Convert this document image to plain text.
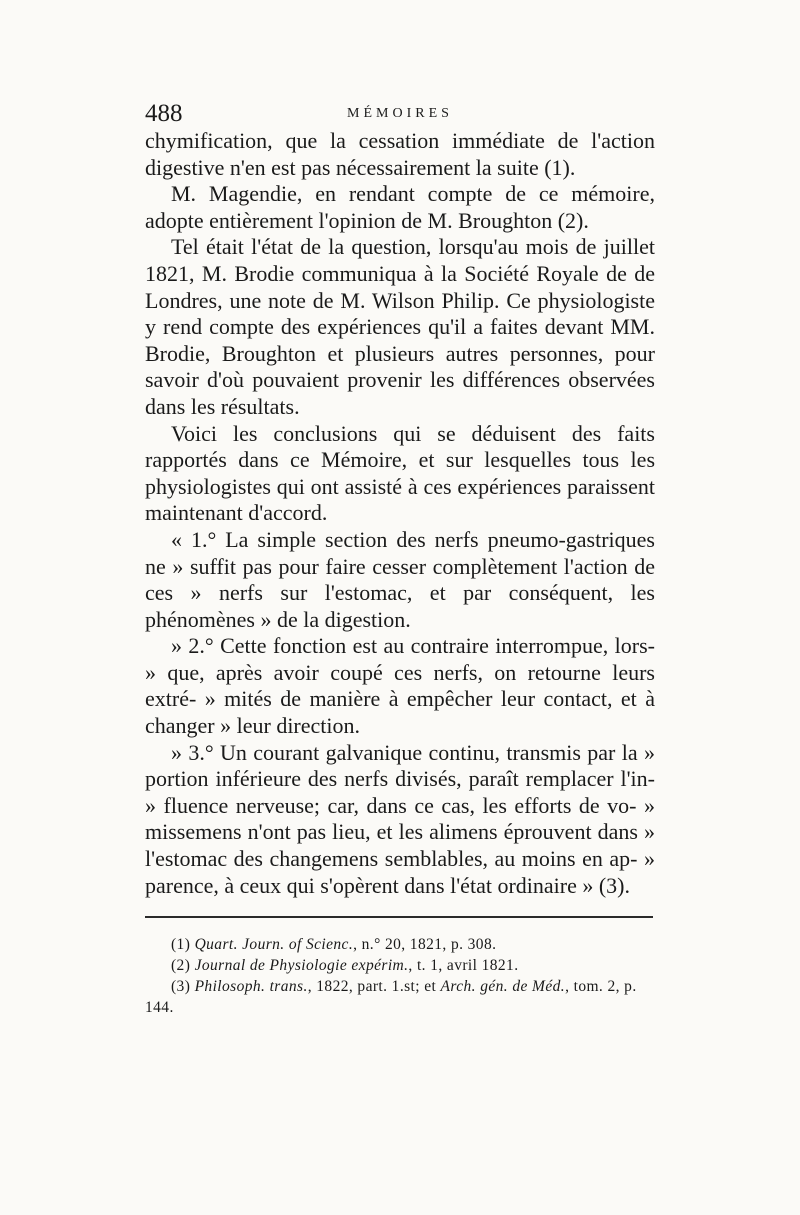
488	MÉMOIRES

chymification, que la cessation immédiate de l'action digestive n'en est pas nécessairement la suite (1).

M. Magendie, en rendant compte de ce mémoire, adopte entièrement l'opinion de M. Broughton (2).

Tel était l'état de la question, lorsqu'au mois de juillet 1821, M. Brodie communiqua à la Société Royale de de Londres, une note de M. Wilson Philip. Ce physiologiste y rend compte des expériences qu'il a faites devant MM. Brodie, Broughton et plusieurs autres personnes, pour savoir d'où pouvaient provenir les différences observées dans les résultats.

Voici les conclusions qui se déduisent des faits rapportés dans ce Mémoire, et sur lesquelles tous les physiologistes qui ont assisté à ces expériences paraissent maintenant d'accord.

« 1.° La simple section des nerfs pneumo-gastriques ne » suffit pas pour faire cesser complètement l'action de ces » nerfs sur l'estomac, et par conséquent, les phénomènes » de la digestion.

» 2.° Cette fonction est au contraire interrompue, lors- » que, après avoir coupé ces nerfs, on retourne leurs extré- » mités de manière à empêcher leur contact, et à changer » leur direction.

» 3.° Un courant galvanique continu, transmis par la » portion inférieure des nerfs divisés, paraît remplacer l'in- » fluence nerveuse; car, dans ce cas, les efforts de vo- » missemens n'ont pas lieu, et les alimens éprouvent dans » l'estomac des changemens semblables, au moins en ap- » parence, à ceux qui s'opèrent dans l'état ordinaire » (3).

(1) Quart. Journ. of Scienc., n.° 20, 1821, p. 308.

(2) Journal de Physiologie expérim., t. 1, avril 1821.

(3) Philosoph. trans., 1822, part. 1.st; et Arch. gén. de Méd., tom. 2, p. 144.
